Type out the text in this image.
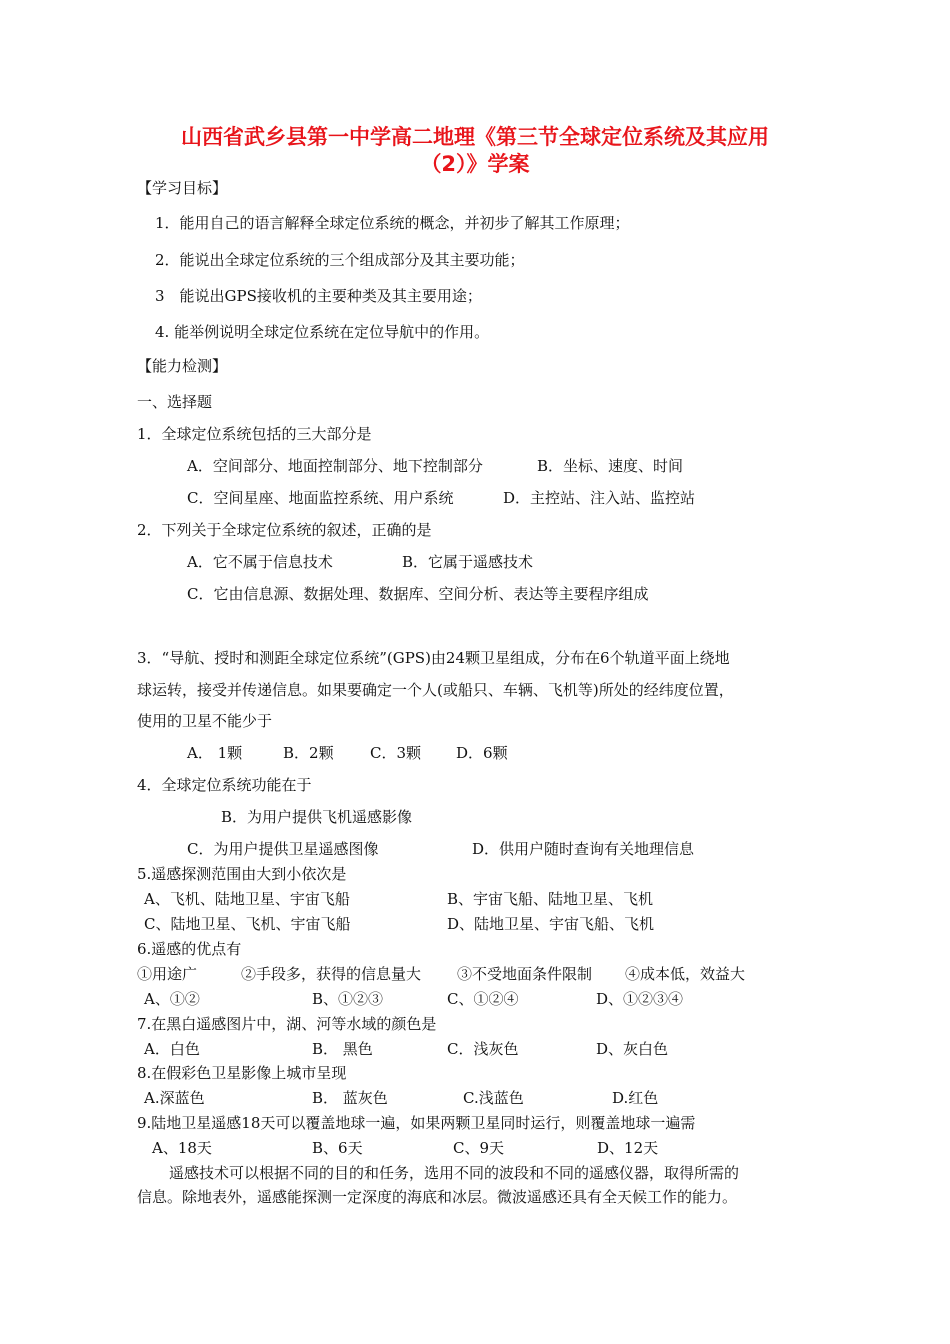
山西省武乡县第一中学高二地理《第三节全球定位系统及其应用
（2）》学案
【学习目标】
1．能用自己的语言解释全球定位系统的概念，并初步了解其工作原理；
2．能说出全球定位系统的三个组成部分及其主要功能；
3　能说出GPS接收机的主要种类及其主要用途；
4. 能举例说明全球定位系统在定位导航中的作用。
【能力检测】
一、选择题
1．全球定位系统包括的三大部分是
A．空间部分、地面控制部分、地下控制部分	B．坐标、速度、时间
C．空间星座、地面监控系统、用户系统	D．主控站、注入站、监控站
2．下列关于全球定位系统的叙述，正确的是
A．它不属于信息技术	B．它属于遥感技术
C．它由信息源、数据处理、数据库、空间分析、表达等主要程序组成
3．“导航、授时和测距全球定位系统”(GPS)由24颗卫星组成，分布在6个轨道平面上绕地
球运转，接受并传递信息。如果要确定一个人(或船只、车辆、飞机等)所处的经纬度位置，
使用的卫星不能少于
A． 1颗	B．2颗 C．3颗 D．6颗
4．全球定位系统功能在于
B．为用户提供飞机遥感影像
C．为用户提供卫星遥感图像	D．供用户随时查询有关地理信息
5.遥感探测范围由大到小依次是
A、飞机、陆地卫星、宇宙飞船	B、宇宙飞船、陆地卫星、飞机
C、陆地卫星、飞机、宇宙飞船	D、陆地卫星、宇宙飞船、飞机
6.遥感的优点有
①用途广	②手段多，获得的信息量大 ③不受地面条件限制 ④成本低，效益大
A、①②	B、①②③	C、①②④	D、①②③④
7.在黑白遥感图片中，湖、河等水域的颜色是
A．白色	B． 黑色	C．浅灰色	D、灰白色
8.在假彩色卫星影像上城市呈现
A.深蓝色	B． 蓝灰色	C.浅蓝色	D.红色
9.陆地卫星遥感18天可以覆盖地球一遍，如果两颗卫星同时运行，则覆盖地球一遍需
A、18天	B、6天	C、9天	D、12天
遥感技术可以根据不同的目的和任务，选用不同的波段和不同的遥感仪器，取得所需的
信息。除地表外，遥感能探测一定深度的海底和冰层。微波遥感还具有全天候工作的能力。
